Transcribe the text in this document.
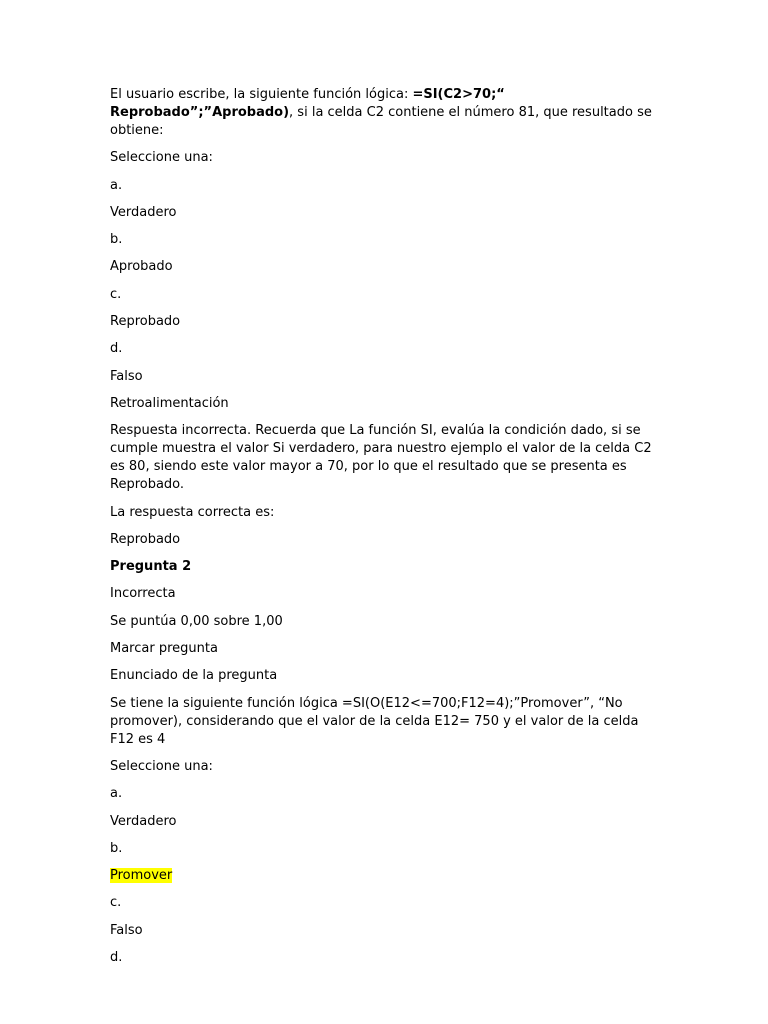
El usuario escribe, la siguiente función lógica: =SI(C2>70;“ Reprobado”;”Aprobado), si la celda C2 contiene el número 81, que resultado se obtiene:

Seleccione una:

a.

Verdadero

b.

Aprobado

c.

Reprobado

d.

Falso

Retroalimentación

Respuesta incorrecta. Recuerda que La función SI, evalúa la condición dado, si se cumple muestra el valor Si verdadero, para nuestro ejemplo el valor de la celda C2 es 80, siendo este valor mayor a 70, por lo que el resultado que se presenta es Reprobado.

La respuesta correcta es:

Reprobado

Pregunta 2

Incorrecta

Se puntúa 0,00 sobre 1,00

Marcar pregunta

Enunciado de la pregunta

Se tiene la siguiente función lógica =SI(O(E12<=700;F12=4);”Promover”, “No promover), considerando que el valor de la celda E12= 750 y el valor de la celda F12 es 4

Seleccione una:

a.

Verdadero

b.

Promover

c.

Falso

d.
